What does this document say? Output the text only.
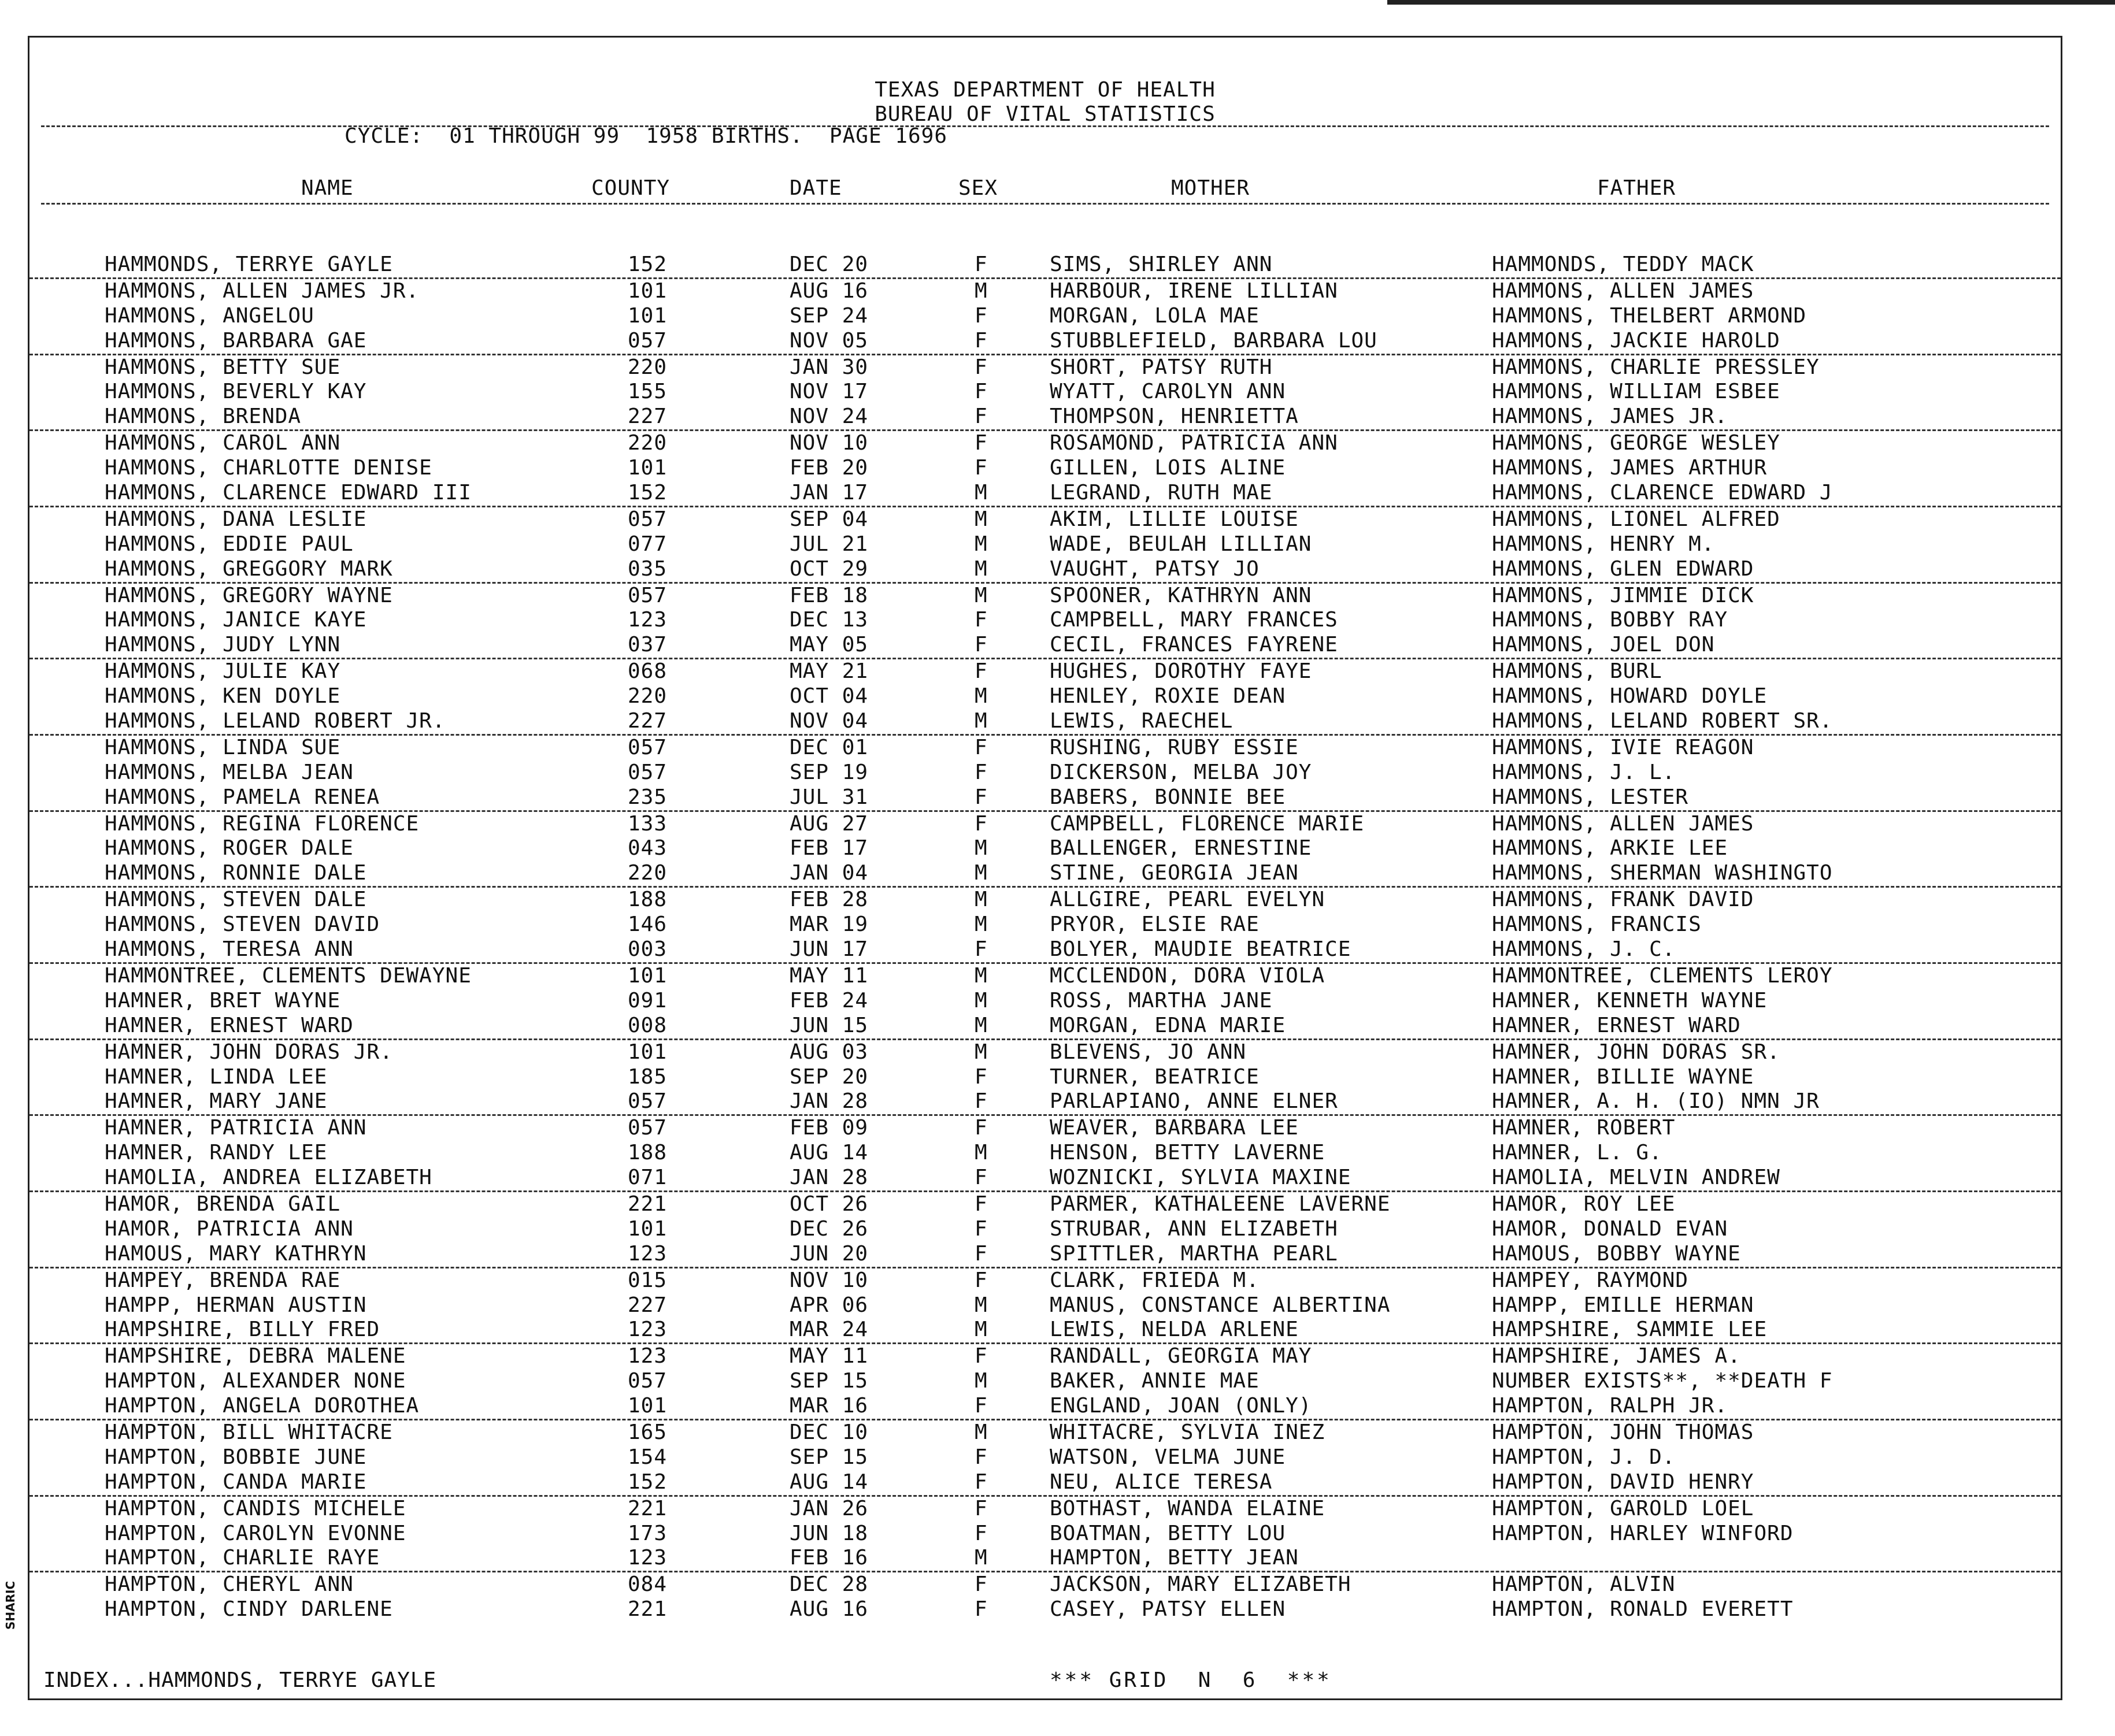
TEXAS DEPARTMENT OF HEALTH
BUREAU OF VITAL STATISTICS
CYCLE:  01 THROUGH 99  1958 BIRTHS.  PAGE 1696
NAME	COUNTY	DATE	SEX	MOTHER	FATHER
HAMMONDS, TERRYE GAYLE	152	DEC 20	F	SIMS, SHIRLEY ANN	HAMMONDS, TEDDY MACK
HAMMONS, ALLEN JAMES JR.	101	AUG 16	M	HARBOUR, IRENE LILLIAN	HAMMONS, ALLEN JAMES
HAMMONS, ANGELOU	101	SEP 24	F	MORGAN, LOLA MAE	HAMMONS, THELBERT ARMOND
HAMMONS, BARBARA GAE	057	NOV 05	F	STUBBLEFIELD, BARBARA LOU	HAMMONS, JACKIE HAROLD
HAMMONS, BETTY SUE	220	JAN 30	F	SHORT, PATSY RUTH	HAMMONS, CHARLIE PRESSLEY
HAMMONS, BEVERLY KAY	155	NOV 17	F	WYATT, CAROLYN ANN	HAMMONS, WILLIAM ESBEE
HAMMONS, BRENDA	227	NOV 24	F	THOMPSON, HENRIETTA	HAMMONS, JAMES JR.
HAMMONS, CAROL ANN	220	NOV 10	F	ROSAMOND, PATRICIA ANN	HAMMONS, GEORGE WESLEY
HAMMONS, CHARLOTTE DENISE	101	FEB 20	F	GILLEN, LOIS ALINE	HAMMONS, JAMES ARTHUR
HAMMONS, CLARENCE EDWARD III	152	JAN 17	M	LEGRAND, RUTH MAE	HAMMONS, CLARENCE EDWARD J
HAMMONS, DANA LESLIE	057	SEP 04	M	AKIM, LILLIE LOUISE	HAMMONS, LIONEL ALFRED
HAMMONS, EDDIE PAUL	077	JUL 21	M	WADE, BEULAH LILLIAN	HAMMONS, HENRY M.
HAMMONS, GREGGORY MARK	035	OCT 29	M	VAUGHT, PATSY JO	HAMMONS, GLEN EDWARD
HAMMONS, GREGORY WAYNE	057	FEB 18	M	SPOONER, KATHRYN ANN	HAMMONS, JIMMIE DICK
HAMMONS, JANICE KAYE	123	DEC 13	F	CAMPBELL, MARY FRANCES	HAMMONS, BOBBY RAY
HAMMONS, JUDY LYNN	037	MAY 05	F	CECIL, FRANCES FAYRENE	HAMMONS, JOEL DON
HAMMONS, JULIE KAY	068	MAY 21	F	HUGHES, DOROTHY FAYE	HAMMONS, BURL
HAMMONS, KEN DOYLE	220	OCT 04	M	HENLEY, ROXIE DEAN	HAMMONS, HOWARD DOYLE
HAMMONS, LELAND ROBERT JR.	227	NOV 04	M	LEWIS, RAECHEL	HAMMONS, LELAND ROBERT SR.
HAMMONS, LINDA SUE	057	DEC 01	F	RUSHING, RUBY ESSIE	HAMMONS, IVIE REAGON
HAMMONS, MELBA JEAN	057	SEP 19	F	DICKERSON, MELBA JOY	HAMMONS, J. L.
HAMMONS, PAMELA RENEA	235	JUL 31	F	BABERS, BONNIE BEE	HAMMONS, LESTER
HAMMONS, REGINA FLORENCE	133	AUG 27	F	CAMPBELL, FLORENCE MARIE	HAMMONS, ALLEN JAMES
HAMMONS, ROGER DALE	043	FEB 17	M	BALLENGER, ERNESTINE	HAMMONS, ARKIE LEE
HAMMONS, RONNIE DALE	220	JAN 04	M	STINE, GEORGIA JEAN	HAMMONS, SHERMAN WASHINGTO
HAMMONS, STEVEN DALE	188	FEB 28	M	ALLGIRE, PEARL EVELYN	HAMMONS, FRANK DAVID
HAMMONS, STEVEN DAVID	146	MAR 19	M	PRYOR, ELSIE RAE	HAMMONS, FRANCIS
HAMMONS, TERESA ANN	003	JUN 17	F	BOLYER, MAUDIE BEATRICE	HAMMONS, J. C.
HAMMONTREE, CLEMENTS DEWAYNE	101	MAY 11	M	MCCLENDON, DORA VIOLA	HAMMONTREE, CLEMENTS LEROY
HAMNER, BRET WAYNE	091	FEB 24	M	ROSS, MARTHA JANE	HAMNER, KENNETH WAYNE
HAMNER, ERNEST WARD	008	JUN 15	M	MORGAN, EDNA MARIE	HAMNER, ERNEST WARD
HAMNER, JOHN DORAS JR.	101	AUG 03	M	BLEVENS, JO ANN	HAMNER, JOHN DORAS SR.
HAMNER, LINDA LEE	185	SEP 20	F	TURNER, BEATRICE	HAMNER, BILLIE WAYNE
HAMNER, MARY JANE	057	JAN 28	F	PARLAPIANO, ANNE ELNER	HAMNER, A. H. (IO) NMN JR
HAMNER, PATRICIA ANN	057	FEB 09	F	WEAVER, BARBARA LEE	HAMNER, ROBERT
HAMNER, RANDY LEE	188	AUG 14	M	HENSON, BETTY LAVERNE	HAMNER, L. G.
HAMOLIA, ANDREA ELIZABETH	071	JAN 28	F	WOZNICKI, SYLVIA MAXINE	HAMOLIA, MELVIN ANDREW
HAMOR, BRENDA GAIL	221	OCT 26	F	PARMER, KATHALEENE LAVERNE	HAMOR, ROY LEE
HAMOR, PATRICIA ANN	101	DEC 26	F	STRUBAR, ANN ELIZABETH	HAMOR, DONALD EVAN
HAMOUS, MARY KATHRYN	123	JUN 20	F	SPITTLER, MARTHA PEARL	HAMOUS, BOBBY WAYNE
HAMPEY, BRENDA RAE	015	NOV 10	F	CLARK, FRIEDA M.	HAMPEY, RAYMOND
HAMPP, HERMAN AUSTIN	227	APR 06	M	MANUS, CONSTANCE ALBERTINA	HAMPP, EMILLE HERMAN
HAMPSHIRE, BILLY FRED	123	MAR 24	M	LEWIS, NELDA ARLENE	HAMPSHIRE, SAMMIE LEE
HAMPSHIRE, DEBRA MALENE	123	MAY 11	F	RANDALL, GEORGIA MAY	HAMPSHIRE, JAMES A.
HAMPTON, ALEXANDER NONE	057	SEP 15	M	BAKER, ANNIE MAE	NUMBER EXISTS**, **DEATH F
HAMPTON, ANGELA DOROTHEA	101	MAR 16	F	ENGLAND, JOAN (ONLY)	HAMPTON, RALPH JR.
HAMPTON, BILL WHITACRE	165	DEC 10	M	WHITACRE, SYLVIA INEZ	HAMPTON, JOHN THOMAS
HAMPTON, BOBBIE JUNE	154	SEP 15	F	WATSON, VELMA JUNE	HAMPTON, J. D.
HAMPTON, CANDA MARIE	152	AUG 14	F	NEU, ALICE TERESA	HAMPTON, DAVID HENRY
HAMPTON, CANDIS MICHELE	221	JAN 26	F	BOTHAST, WANDA ELAINE	HAMPTON, GAROLD LOEL
HAMPTON, CAROLYN EVONNE	173	JUN 18	F	BOATMAN, BETTY LOU	HAMPTON, HARLEY WINFORD
HAMPTON, CHARLIE RAYE	123	FEB 16	M	HAMPTON, BETTY JEAN
HAMPTON, CHERYL ANN	084	DEC 28	F	JACKSON, MARY ELIZABETH	HAMPTON, ALVIN
HAMPTON, CINDY DARLENE	221	AUG 16	F	CASEY, PATSY ELLEN	HAMPTON, RONALD EVERETT
INDEX...HAMMONDS, TERRYE GAYLE	*** GRID  N  6  ***
SHARIC
